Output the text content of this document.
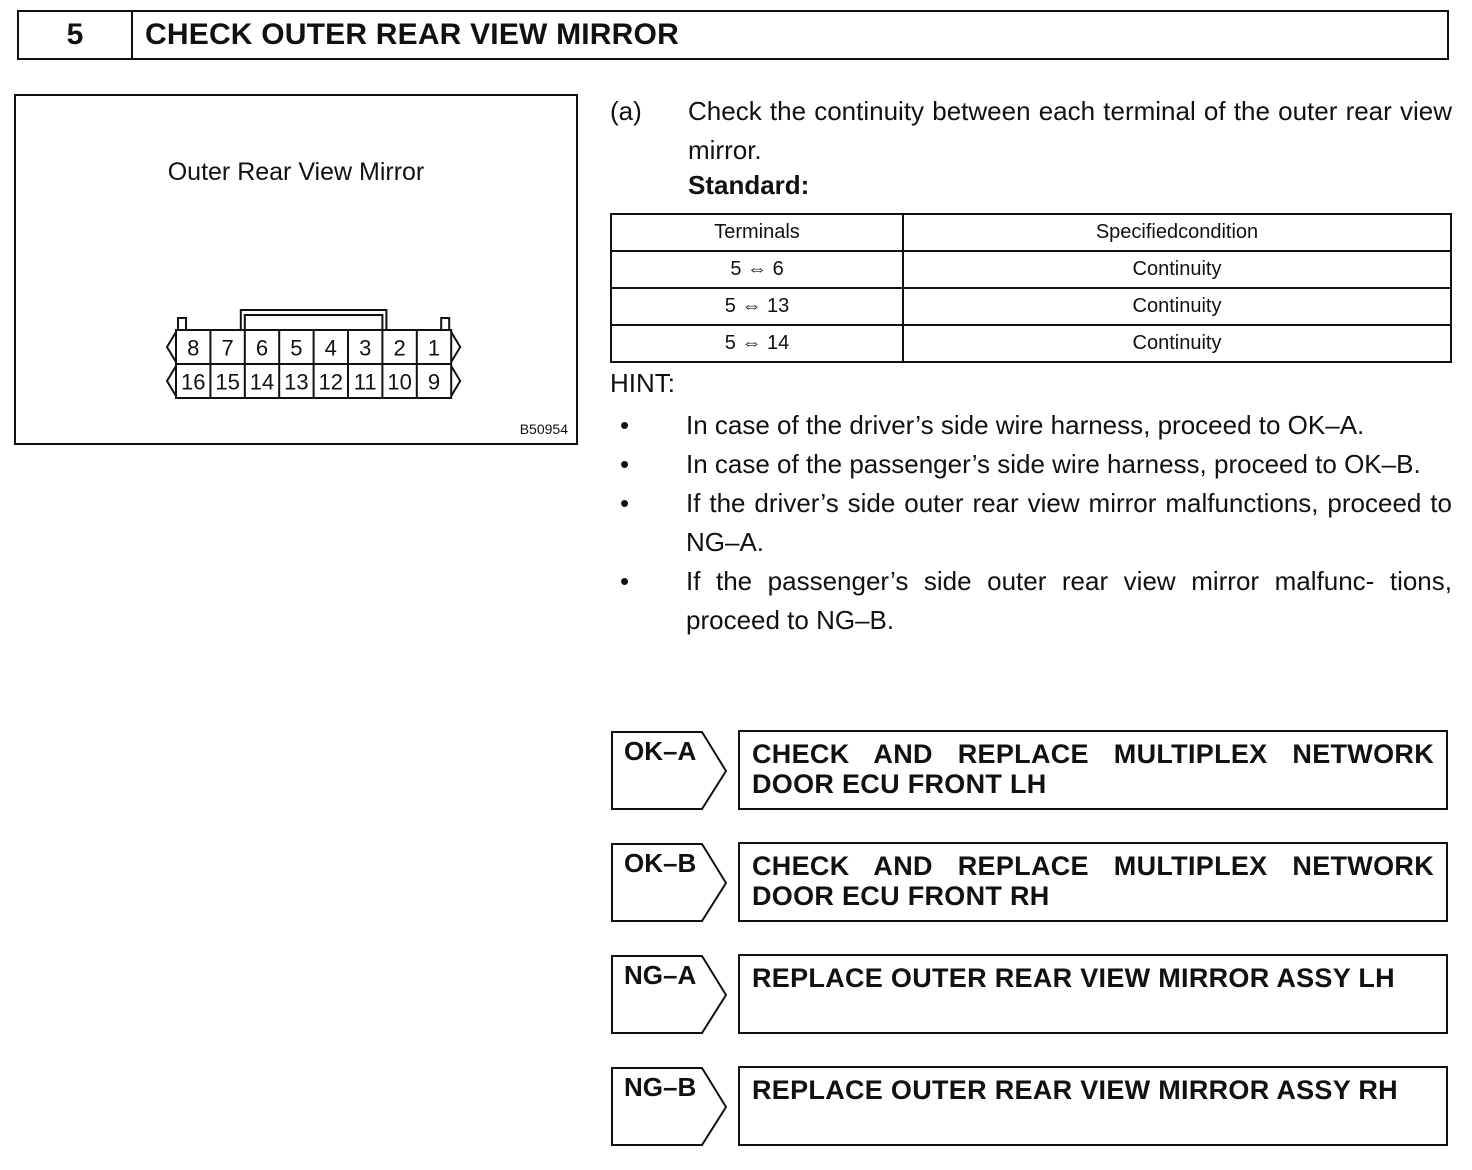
5	CHECK OUTER REAR VIEW MIRROR
Outer Rear View Mirror
8 7 6 5 4 3 2 1
16 15 14 13 12 11 10 9
B50954
(a) Check the continuity between each terminal of the outer rear view mirror.
Standard:
Terminals	Specifiedcondition
5 ⇔ 6	Continuity
5 ⇔ 13	Continuity
5 ⇔ 14	Continuity
HINT:
• In case of the driver’s side wire harness, proceed to OK–A.
• In case of the passenger’s side wire harness, proceed to OK–B.
• If the driver’s side outer rear view mirror malfunctions, proceed to NG–A.
• If the passenger’s side outer rear view mirror malfunc- tions, proceed to NG–B.
OK–A	CHECK AND REPLACE MULTIPLEX NETWORK DOOR ECU FRONT LH
OK–B	CHECK AND REPLACE MULTIPLEX NETWORK DOOR ECU FRONT RH
NG–A	REPLACE OUTER REAR VIEW MIRROR ASSY LH
NG–B	REPLACE OUTER REAR VIEW MIRROR ASSY RH
